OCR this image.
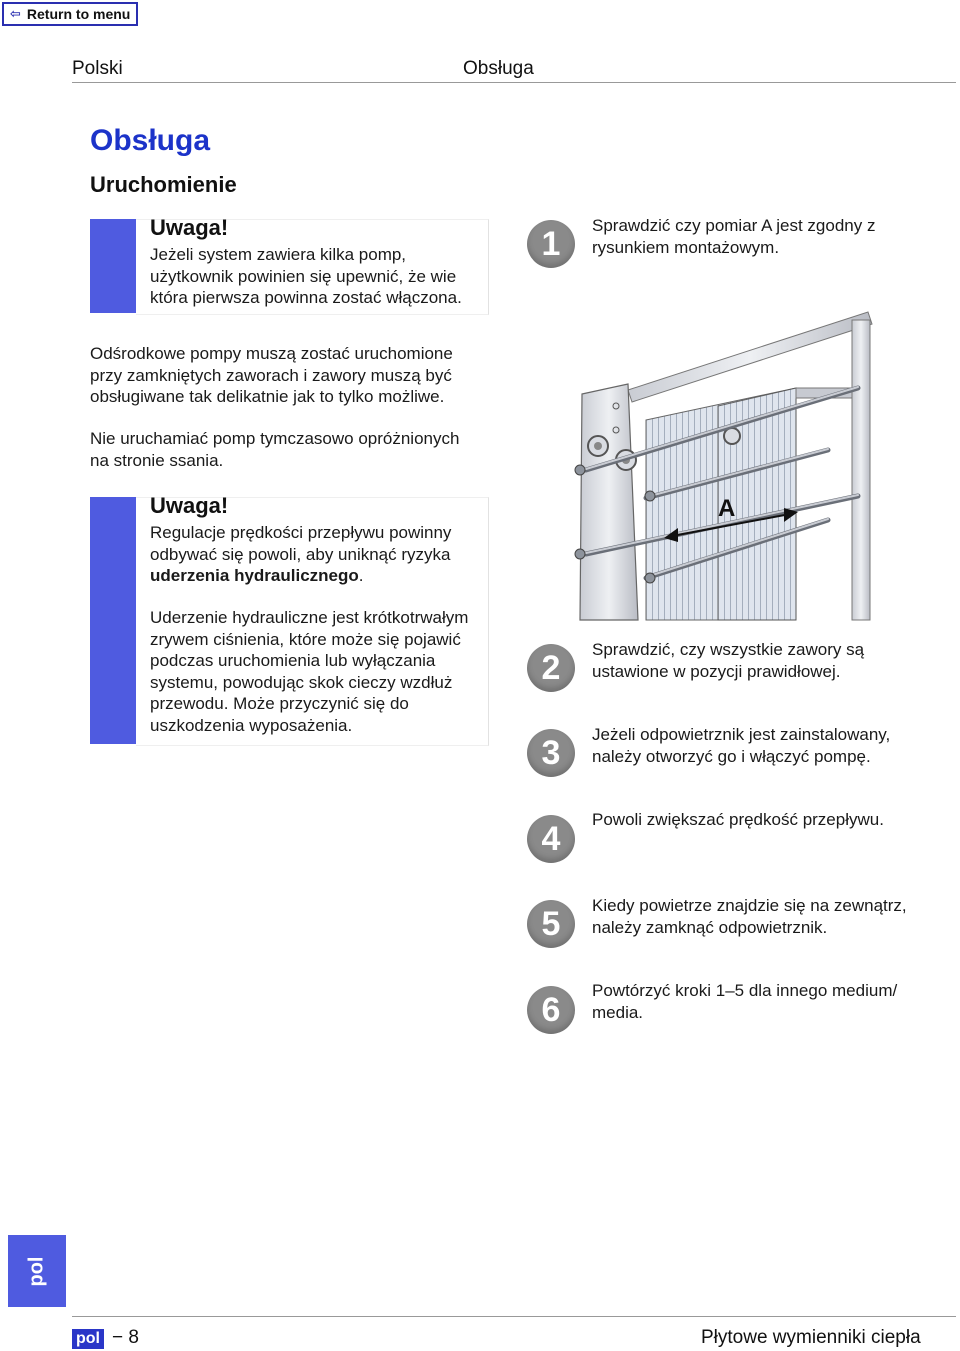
⇦ Return to menu
Polski	Obsługa
Obsługa
Uruchomienie
Uwaga!
Jeżeli system zawiera kilka pomp,
użytkownik powinien się upewnić, że wie
która pierwsza powinna zostać włączona.
Odśrodkowe pompy muszą zostać uruchomione
przy zamkniętych zaworach i zawory muszą być
obsługiwane tak delikatnie jak to tylko możliwe.
Nie uruchamiać pomp tymczasowo opróżnionych
na stronie ssania.
Uwaga!
Regulacje prędkości przepływu powinny
odbywać się powoli, aby uniknąć ryzyka
uderzenia hydraulicznego.
Uderzenie hydrauliczne jest krótkotrwałym
zrywem ciśnienia, które może się pojawić
podczas uruchomienia lub wyłączania
systemu, powodując skok cieczy wzdłuż
przewodu. Może przyczynić się do
uszkodzenia wyposażenia.
A
1	Sprawdzić czy pomiar A jest zgodny z
rysunkiem montażowym.
2	Sprawdzić, czy wszystkie zawory są
ustawione w pozycji prawidłowej.
3	Jeżeli odpowietrznik jest zainstalowany,
należy otworzyć go i włączyć pompę.
4	Powoli zwiększać prędkość przepływu.
5	Kiedy powietrze znajdzie się na zewnątrz,
należy zamknąć odpowietrznik.
6	Powtórzyć kroki 1–5 dla innego medium/
media.
pol
pol − 8	Płytowe wymienniki ciepła
